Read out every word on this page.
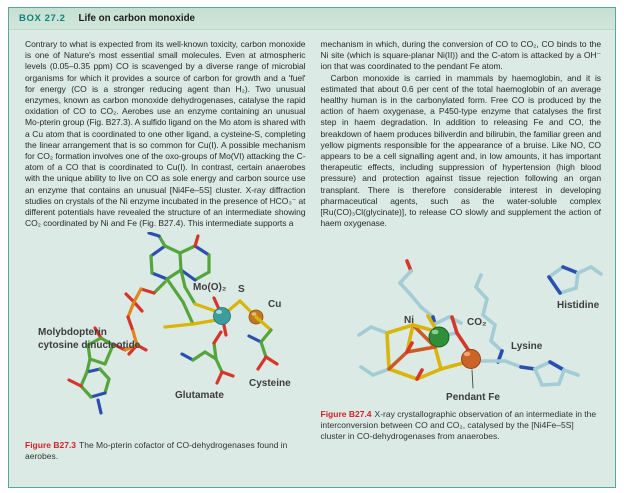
BOX 27.2 Life on carbon monoxide

Contrary to what is expected from its well-known toxicity, carbon monoxide is one of Nature's most essential small molecules. Even at atmospheric levels (0.05–0.35 ppm) CO is scavenged by a diverse range of microbial organisms for which it provides a source of carbon for growth and a 'fuel' for energy (CO is a stronger reducing agent than H₂). Two unusual enzymes, known as carbon monoxide dehydrogenases, catalyse the rapid oxidation of CO to CO₂. Aerobes use an enzyme containing an unusual Mo-pterin group (Fig. B27.3). A sulfido ligand on the Mo atom is shared with a Cu atom that is coordinated to one other ligand, a cysteine-S, completing the linear arrangement that is so common for Cu(I). A possible mechanism for CO₂ formation involves one of the oxo-groups of Mo(VI) attacking the C-atom of a CO that is coordinated to Cu(I). In contrast, certain anaerobes with the unique ability to live on CO as sole energy and carbon source use an enzyme that contains an unusual [Ni4Fe–5S] cluster. X-ray diffraction studies on crystals of the Ni enzyme incubated in the presence of HCO₃⁻ at different potentials have revealed the structure of an intermediate showing CO₂ coordinated by Ni and Fe (Fig. B27.4). This intermediate supports a

Molybdopterin
cytosine dinucleotide
Mo(O)₂ S
Cu
Glutamate
Cysteine

Figure B27.3 The Mo-pterin cofactor of CO-dehydrogenases found in aerobes.

mechanism in which, during the conversion of CO to CO₂, CO binds to the Ni site (which is square-planar Ni(II)) and the C-atom is attacked by a OH⁻ ion that was coordinated to the pendant Fe atom.

Carbon monoxide is carried in mammals by haemoglobin, and it is estimated that about 0.6 per cent of the total haemoglobin of an average healthy human is in the carbonylated form. Free CO is produced by the action of haem oxygenase, a P450-type enzyme that catalyses the first step in haem degradation. In addition to releasing Fe and CO, the breakdown of haem produces biliverdin and bilirubin, the familiar green and yellow pigments responsible for the appearance of a bruise. Like NO, CO appears to be a cell signalling agent and, in low amounts, it has important therapeutic effects, including suppression of hypertension (high blood pressure) and protection against tissue rejection following an organ transplant. There is therefore considerable interest in developing pharmaceutical agents, such as the water-soluble complex [Ru(CO)₃Cl(glycinate)], to release CO slowly and supplement the action of haem oxygenase.

Histidine
Ni	CO₂
Lysine
Pendant Fe

Figure B27.4 X-ray crystallographic observation of an intermediate in the interconversion between CO and CO₂, catalysed by the [Ni4Fe–5S] cluster in CO-dehydrogenases from anaerobes.
